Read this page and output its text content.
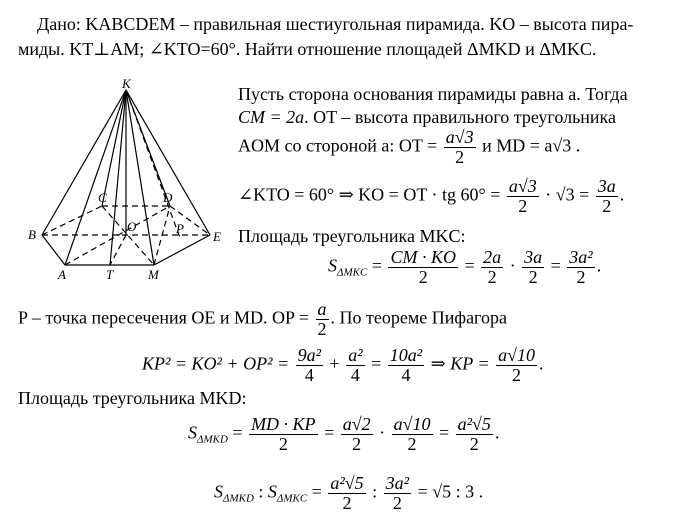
Дано: KABCDEM – правильная шестиугольная пирамида. KO – высота пира-
миды. KT⊥AM; ∠KTO=60°. Найти отношение площадей ΔMKD и ΔMKC.
K
B
C	D
E
A	T	M
O	P
Пусть сторона основания пирамиды равна a. Тогда
CM = 2a. OT – высота правильного треугольника
AOM со стороной a: OT = $\frac{a√3}{2}$ и MD = a√3 .
∠KTO = 60° ⇒ KO = OT · tg $60^\circ = \frac{a√3}{2} \cdot √3 = \frac{3a}{2}$ .
Площадь треугольника MKC:
$S_{\Delta MKC} = \frac{CM \cdot KO}{2} = \frac{2a}{2} \cdot \frac{3a}{2} = \frac{\text{3a²}}{2}$ .
P – точка пересечения OE и MD. OP = $\frac{a}{2}$ . По теореме Пифагора
$KP^2 = KO^2 + OP^2 = \frac{\text{9a²}}{4} + \frac{\text{a²}}{4} = \frac{\text{10a²}}{4}$ ⇒ KP = $\frac{a√10}{2}$ .
Площадь треугольника MKD:
$S_{\Delta MKD} = \frac{MD \cdot KP}{2} = \frac{a√2}{2} \cdot \frac{a√10}{2} = \frac{\text{a²√5}}{2}$ .
$S_{\Delta MKD}$ : $S_{\Delta MKC} = \frac{\text{a²√5}}{2}$ : $\frac{\text{3a²}}{2} = √5$ : 3 .
